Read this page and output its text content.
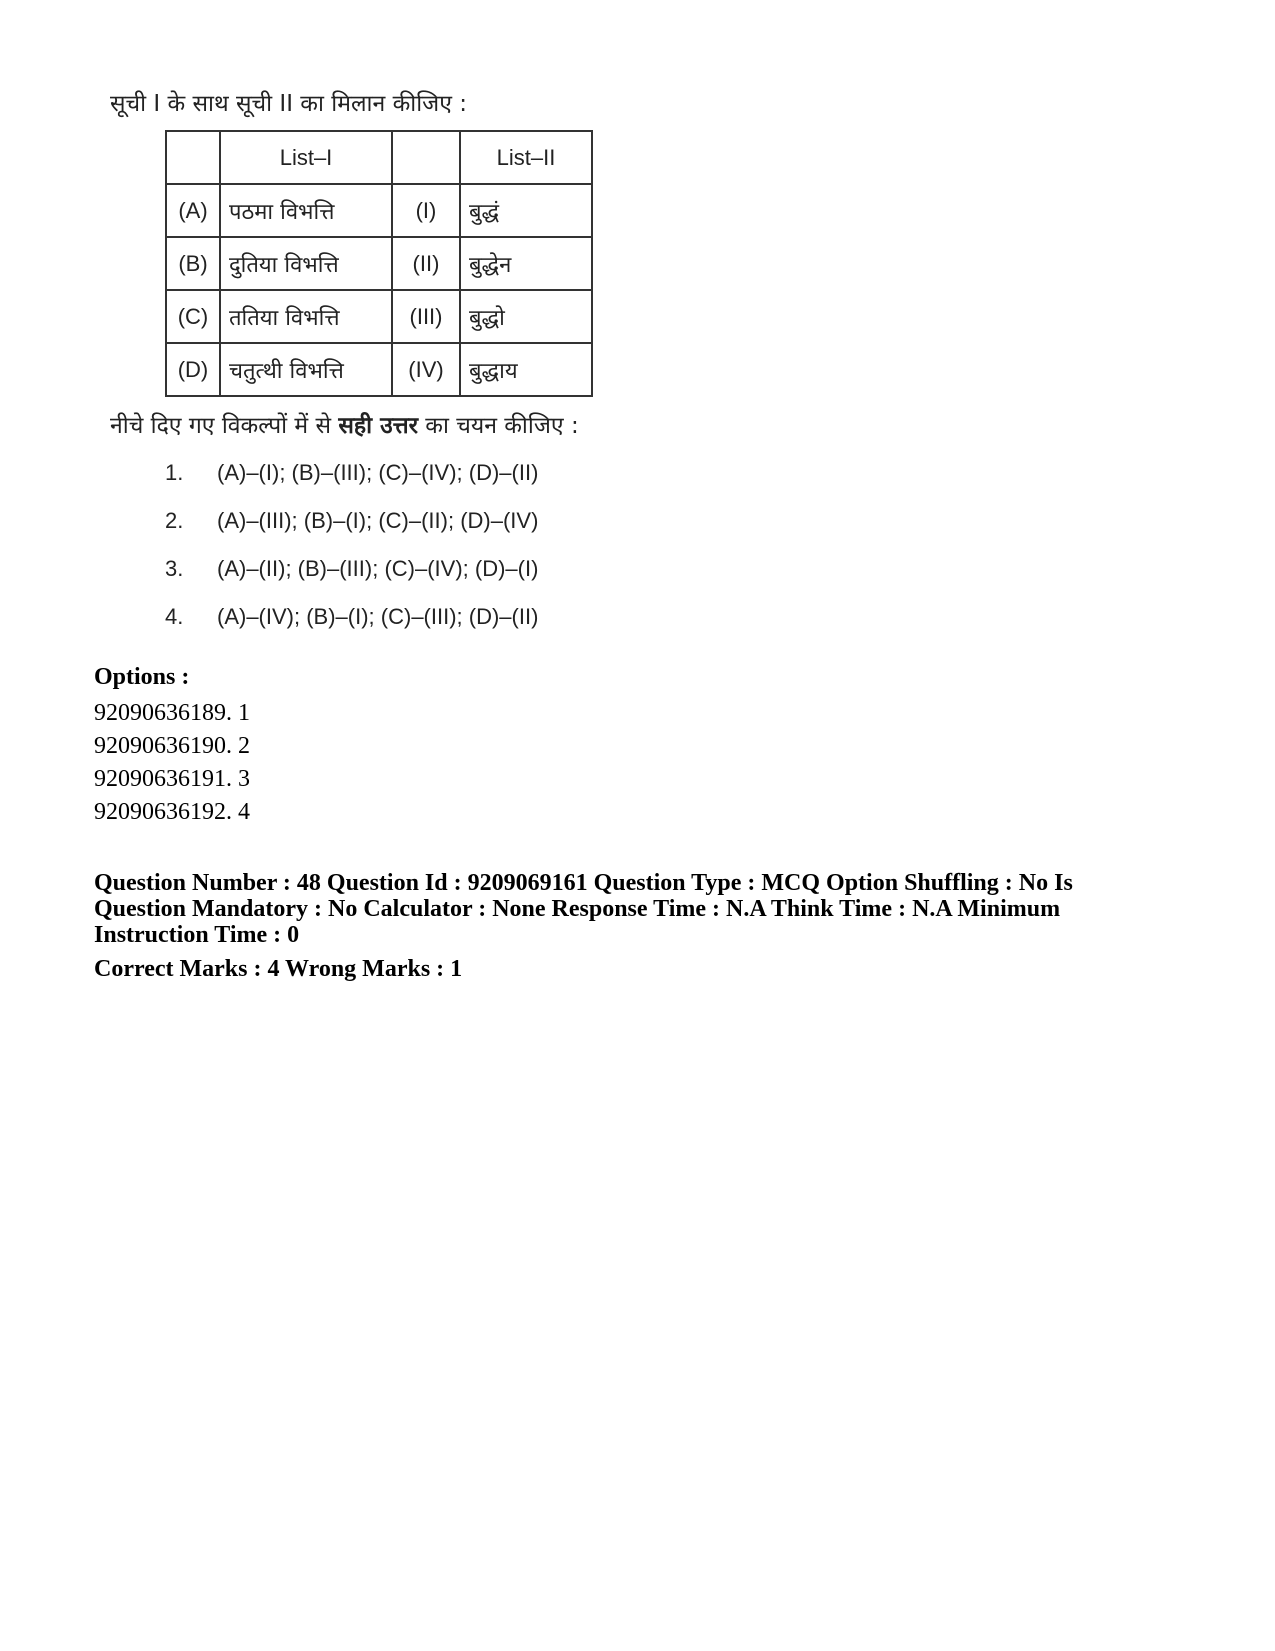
सूची I के साथ सूची II का मिलान कीजिए :
	List–I		List–II
(A)	पठमा विभत्ति	(I)	बुद्धं
(B)	दुतिया विभत्ति	(II)	बुद्धेन
(C)	ततिया विभत्ति	(III)	बुद्धो
(D)	चतुत्थी विभत्ति	(IV)	बुद्धाय
नीचे दिए गए विकल्पों में से सही उत्तर का चयन कीजिए :
1. (A)–(I); (B)–(III); (C)–(IV); (D)–(II)
2. (A)–(III); (B)–(I); (C)–(II); (D)–(IV)
3. (A)–(II); (B)–(III); (C)–(IV); (D)–(I)
4. (A)–(IV); (B)–(I); (C)–(III); (D)–(II)
Options :
92090636189. 1
92090636190. 2
92090636191. 3
92090636192. 4
Question Number : 48 Question Id : 9209069161 Question Type : MCQ Option Shuffling : No Is
Question Mandatory : No Calculator : None Response Time : N.A Think Time : N.A Minimum
Instruction Time : 0
Correct Marks : 4 Wrong Marks : 1
